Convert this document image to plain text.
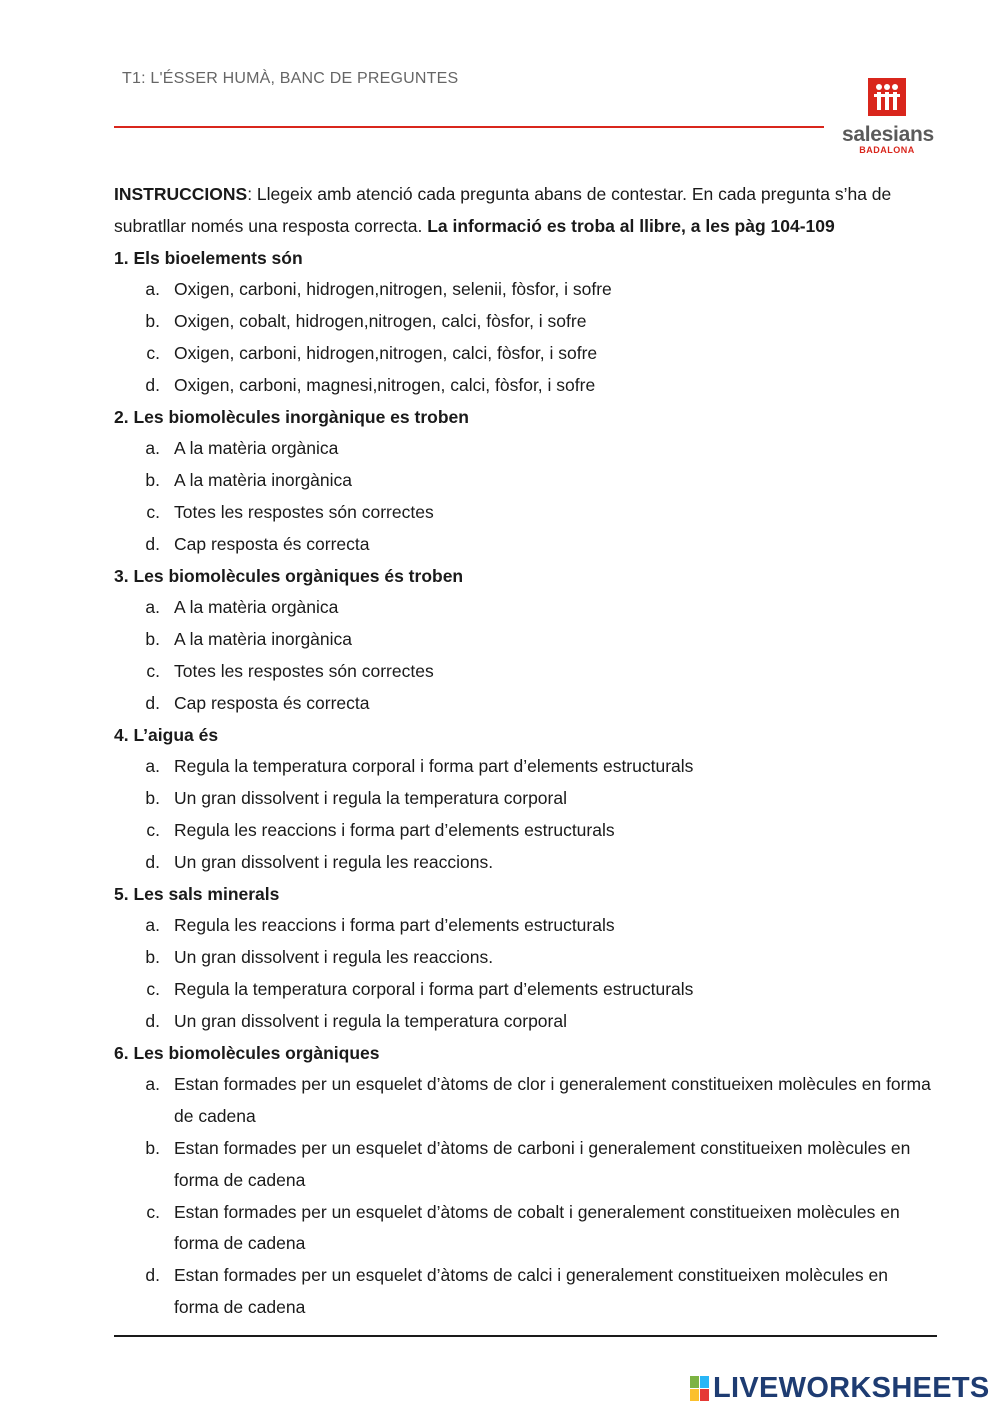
T1: L'ÉSSER HUMÀ, BANC DE PREGUNTES
salesians
BADALONA

INSTRUCCIONS: Llegeix amb atenció cada pregunta abans de contestar. En cada pregunta s’ha de subratllar només una resposta correcta. La informació es troba al llibre, a les pàg 104-109

1. Els bioelements són

a. Oxigen, carboni, hidrogen,nitrogen, selenii, fòsfor, i sofre
b. Oxigen, cobalt, hidrogen,nitrogen, calci, fòsfor, i sofre
c. Oxigen, carboni, hidrogen,nitrogen, calci, fòsfor, i sofre
d. Oxigen, carboni, magnesi,nitrogen, calci, fòsfor, i sofre

2. Les biomolècules inorgànique es troben

a. A la matèria orgànica
b. A la matèria inorgànica
c. Totes les respostes són correctes
d. Cap resposta és correcta

3. Les biomolècules orgàniques és troben

a. A la matèria orgànica
b. A la matèria inorgànica
c. Totes les respostes són correctes
d. Cap resposta és correcta

4. L’aigua és

a. Regula la temperatura corporal i forma part d’elements estructurals
b. Un gran dissolvent i regula la temperatura corporal
c. Regula les reaccions i forma part d’elements estructurals
d. Un gran dissolvent i regula les reaccions.

5. Les sals minerals

a. Regula les reaccions i forma part d’elements estructurals
b. Un gran dissolvent i regula les reaccions.
c. Regula la temperatura corporal i forma part d’elements estructurals
d. Un gran dissolvent i regula la temperatura corporal

6. Les biomolècules orgàniques

a. Estan formades per un esquelet d’àtoms de clor i generalement constitueixen molècules en forma de cadena
b. Estan formades per un esquelet d’àtoms de carboni i generalement constitueixen molècules en forma de cadena
c. Estan formades per un esquelet d’àtoms de cobalt i generalement constitueixen molècules en forma de cadena
d. Estan formades per un esquelet d’àtoms de calci i generalement constitueixen molècules en forma de cadena
LIVEWORKSHEETS
